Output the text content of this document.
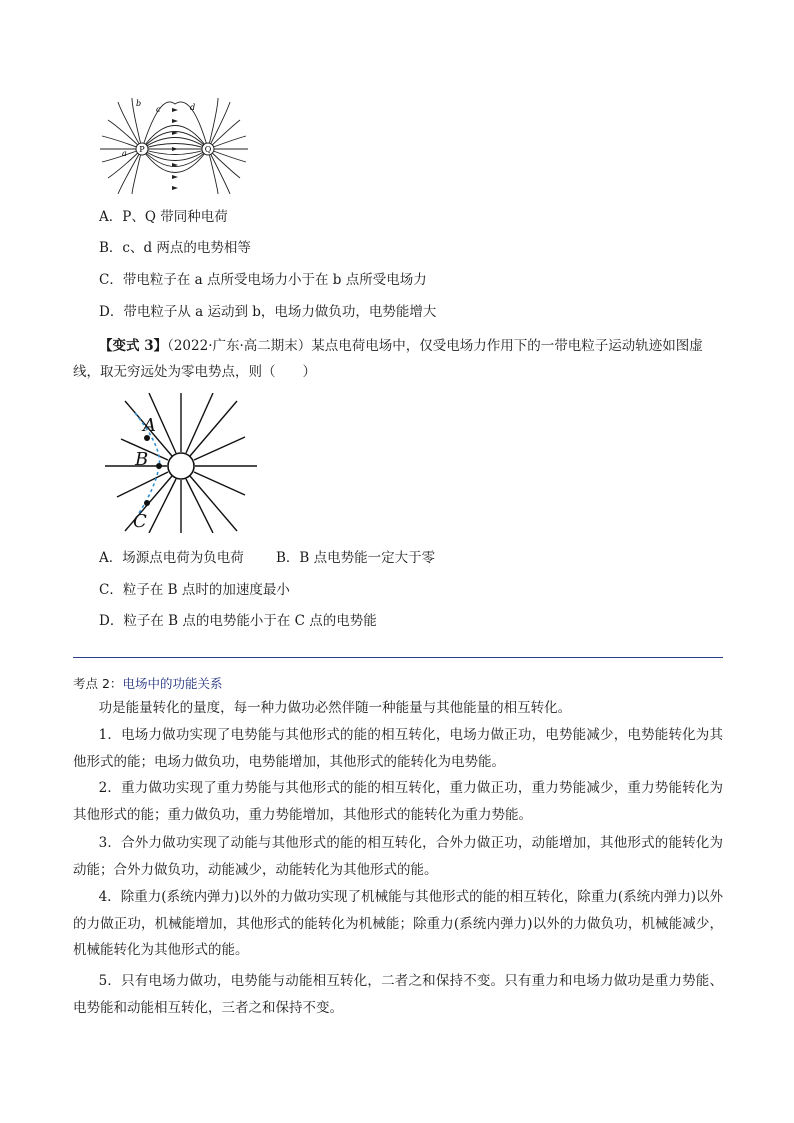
P	Q
a
b
c	d
A．P、Q 带同种电荷
B．c、d 两点的电势相等
C．带电粒子在 a 点所受电场力小于在 b 点所受电场力
D．带电粒子从 a 运动到 b，电场力做负功，电势能增大
【变式 3】（2022·广东·高二期末）某点电荷电场中，仅受电场力作用下的一带电粒子运动轨迹如图虚
线，取无穷远处为零电势点，则（　　）
A
B
C
A．场源点电荷为负电荷 B．B 点电势能一定大于零
C．粒子在 B 点时的加速度最小
D．粒子在 B 点的电势能小于在 C 点的电势能
考点 2：电场中的功能关系
功是能量转化的量度，每一种力做功必然伴随一种能量与其他能量的相互转化。
1．电场力做功实现了电势能与其他形式的能的相互转化，电场力做正功，电势能减少，电势能转化为其他形式的能；电场力做负功，电势能增加，其他形式的能转化为电势能。
2．重力做功实现了重力势能与其他形式的能的相互转化，重力做正功，重力势能减少，重力势能转化为其他形式的能；重力做负功，重力势能增加，其他形式的能转化为重力势能。
3．合外力做功实现了动能与其他形式的能的相互转化，合外力做正功，动能增加，其他形式的能转化为动能；合外力做负功，动能减少，动能转化为其他形式的能。
4．除重力(系统内弹力)以外的力做功实现了机械能与其他形式的能的相互转化，除重力(系统内弹力)以外的力做正功，机械能增加，其他形式的能转化为机械能；除重力(系统内弹力)以外的力做负功，机械能减少，机械能转化为其他形式的能。
5．只有电场力做功，电势能与动能相互转化，二者之和保持不变。只有重力和电场力做功是重力势能、电势能和动能相互转化，三者之和保持不变。
